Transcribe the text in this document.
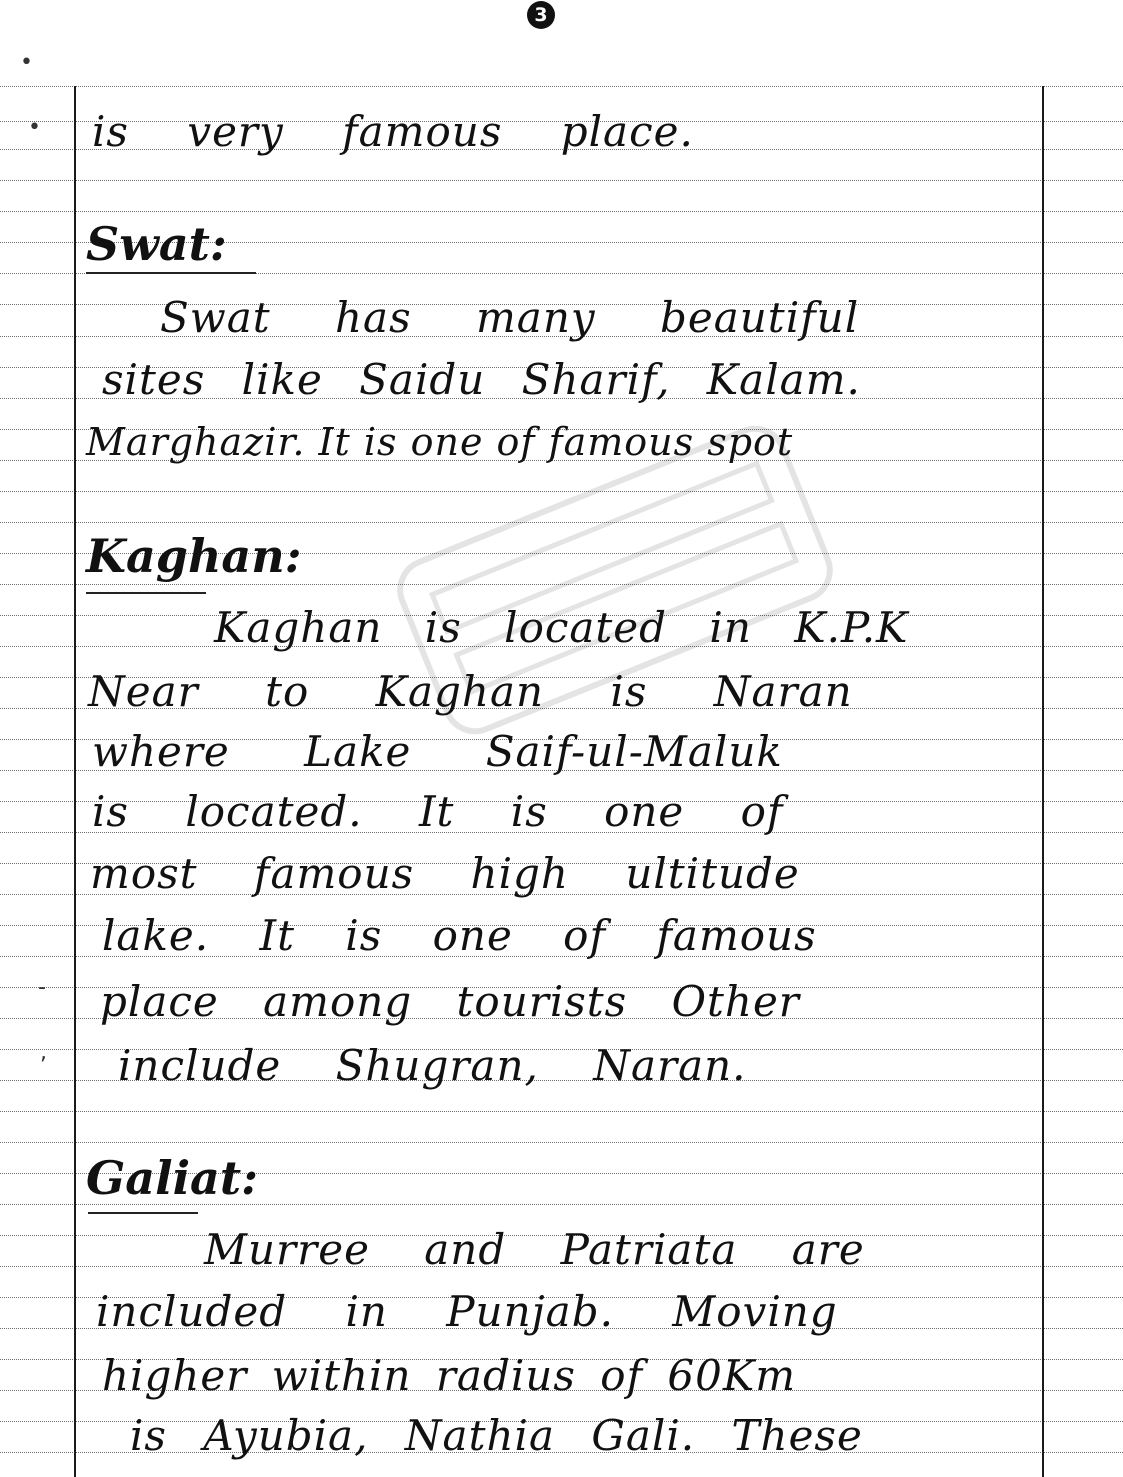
3
•
•
-
,
is very famous place.
Swat:
Swat has many beautiful
sites like Saidu Sharif, Kalam.
Marghazir. It is one of famous spot
Kaghan:
Kaghan is located in K.P.K
Near to Kaghan is Naran
where Lake Saif-ul-Maluk
is located. It is one of
most famous high ultitude
lake. It is one of famous
place among tourists Other
include Shugran, Naran.
Galiat:
Murree and Patriata are
included in Punjab. Moving
higher within radius of 60Km
is Ayubia, Nathia Gali. These
